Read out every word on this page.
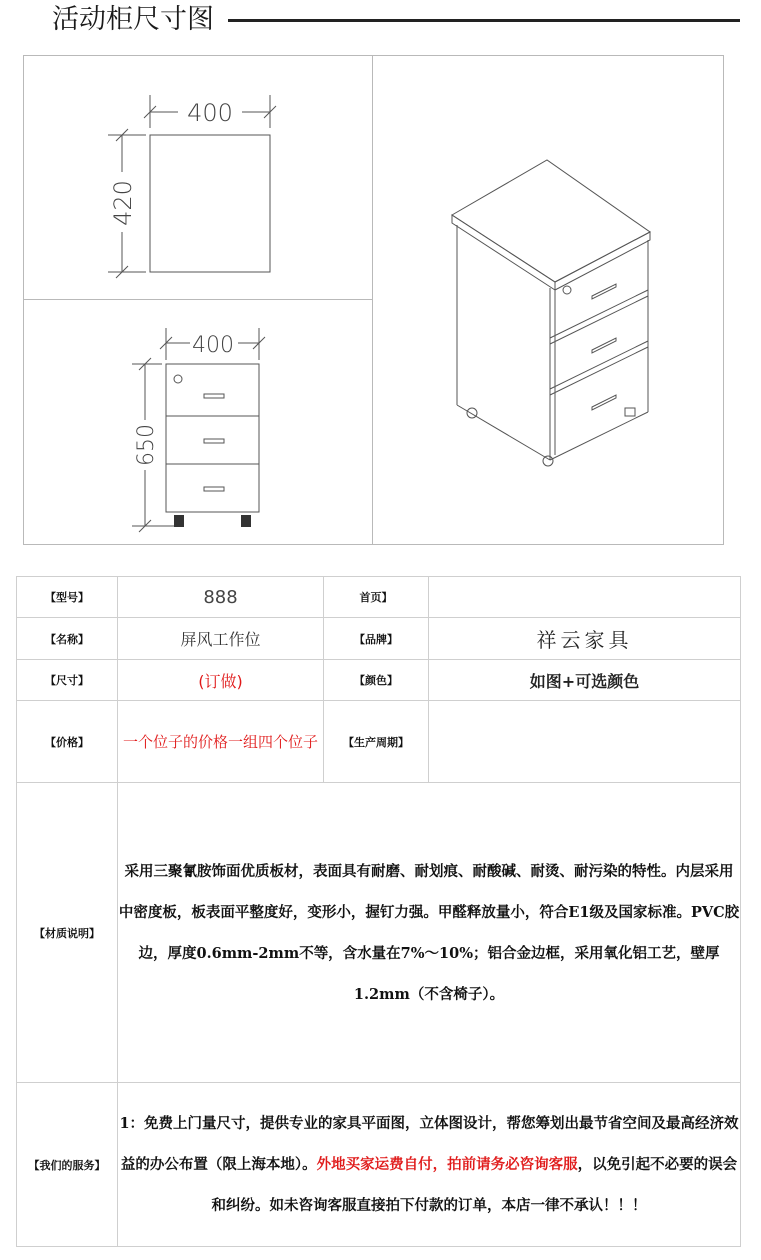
活动柜尺寸图
400
420
400
650
【型号】	888	首页】	
【名称】	屏风工作位	【品牌】	祥云家具
【尺寸】	(订做)	【颜色】	如图+可选颜色
【价格】	一个位子的价格一组四个位子	【生产周期】	
【材质说明】	采用三聚氰胺饰面优质板材，表面具有耐磨、耐划痕、耐酸碱、耐烫、耐污染的特性。内层采用中密度板，板表面平整度好，变形小，握钉力强。甲醛释放量小，符合E1级及国家标准。PVC胶边，厚度0.6mm-2mm不等，含水量在7%～10%；铝合金边框，采用氧化铝工艺，壁厚1.2mm（不含椅子）。		
【我们的服务】	1：免费上门量尺寸，提供专业的家具平面图，立体图设计，帮您筹划出最节省空间及最高经济效益的办公布置（限上海本地）。外地买家运费自付，拍前请务必咨询客服，以免引起不必要的误会和纠纷。如未咨询客服直接拍下付款的订单，本店一律不承认！！！		
